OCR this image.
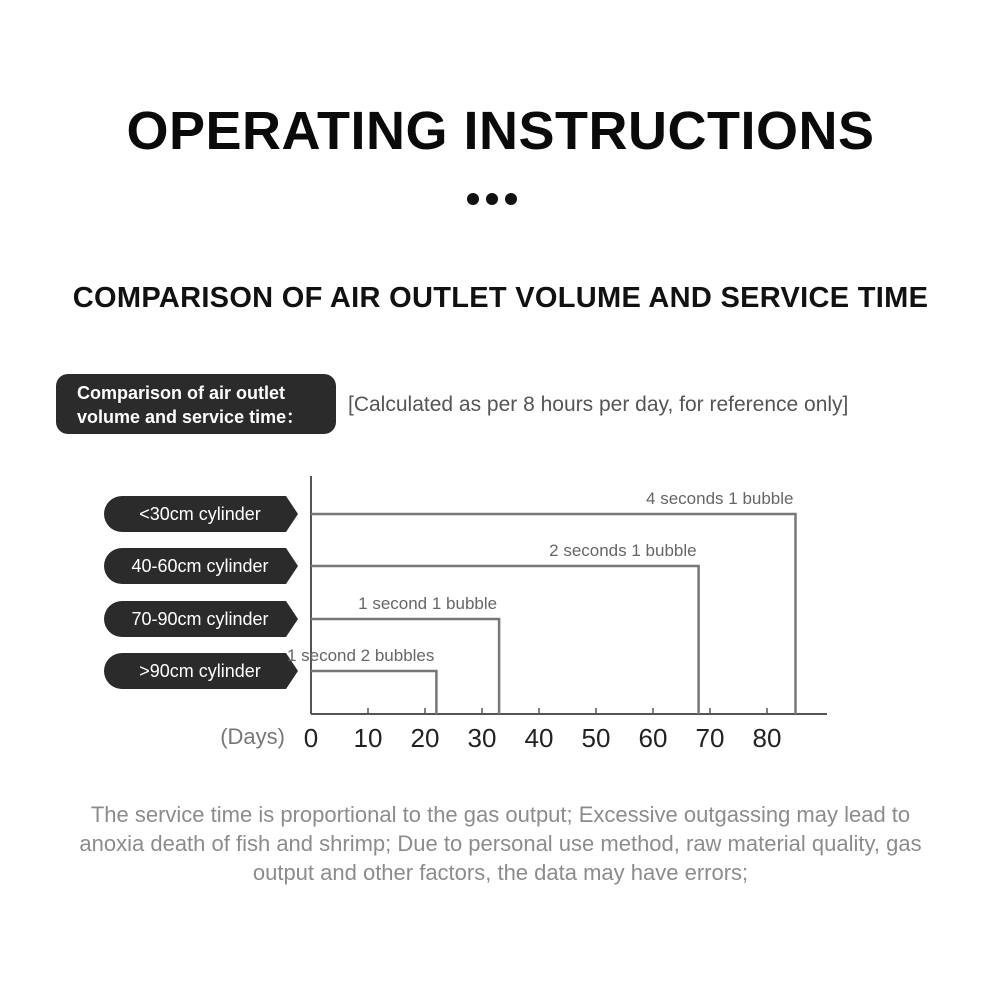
OPERATING INSTRUCTIONS
COMPARISON OF AIR OUTLET VOLUME AND SERVICE TIME
Comparison of air outlet
volume and service time：
[Calculated as per 8 hours per day, for reference only]
0 10 20 30 40 50 60 70 80
(Days)
<30cm cylinder
4 seconds 1 bubble
40-60cm cylinder
2 seconds 1 bubble
70-90cm cylinder
1 second 1 bubble
>90cm cylinder
1 second 2 bubbles
The service time is proportional to the gas output; Excessive outgassing may lead to anoxia death of fish and shrimp; Due to personal use method, raw material quality, gas output and other factors, the data may have errors;
